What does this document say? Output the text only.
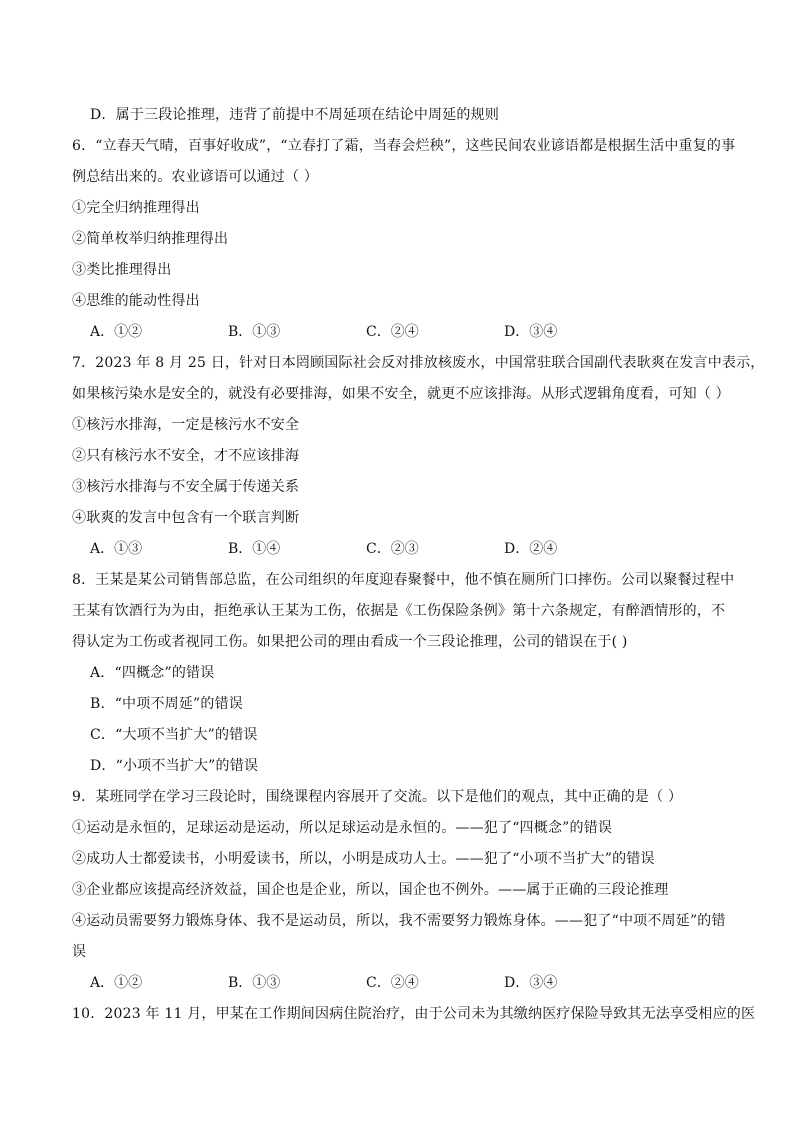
D．属于三段论推理，违背了前提中不周延项在结论中周延的规则
6．“立春天气晴，百事好收成”，“立春打了霜，当春会烂秧”，这些民间农业谚语都是根据生活中重复的事
例总结出来的。农业谚语可以通过（ ）
①完全归纳推理得出
②简单枚举归纳推理得出
③类比推理得出
④思维的能动性得出
A．①②	B．①③	C．②④	D．③④
7．2023 年 8 月 25 日，针对日本罔顾国际社会反对排放核废水，中国常驻联合国副代表耿爽在发言中表示，
如果核污染水是安全的，就没有必要排海，如果不安全，就更不应该排海。从形式逻辑角度看，可知（ ）
①核污水排海，一定是核污水不安全
②只有核污水不安全，才不应该排海
③核污水排海与不安全属于传递关系
④耿爽的发言中包含有一个联言判断
A．①③	B．①④	C．②③	D．②④
8．王某是某公司销售部总监，在公司组织的年度迎春聚餐中，他不慎在厕所门口摔伤。公司以聚餐过程中
王某有饮酒行为为由，拒绝承认王某为工伤，依据是《工伤保险条例》第十六条规定，有醉酒情形的，不
得认定为工伤或者视同工伤。如果把公司的理由看成一个三段论推理，公司的错误在于( )
A．“四概念”的错误
B．“中项不周延”的错误
C．“大项不当扩大”的错误
D．“小项不当扩大”的错误
9．某班同学在学习三段论时，围绕课程内容展开了交流。以下是他们的观点，其中正确的是（ ）
①运动是永恒的，足球运动是运动，所以足球运动是永恒的。——犯了“四概念”的错误
②成功人士都爱读书，小明爱读书，所以，小明是成功人士。——犯了“小项不当扩大”的错误
③企业都应该提高经济效益，国企也是企业，所以，国企也不例外。——属于正确的三段论推理
④运动员需要努力锻炼身体、我不是运动员，所以，我不需要努力锻炼身体。——犯了“中项不周延”的错
误
A．①②	B．①③	C．②④	D．③④
10．2023 年 11 月，甲某在工作期间因病住院治疗，由于公司未为其缴纳医疗保险导致其无法享受相应的医
